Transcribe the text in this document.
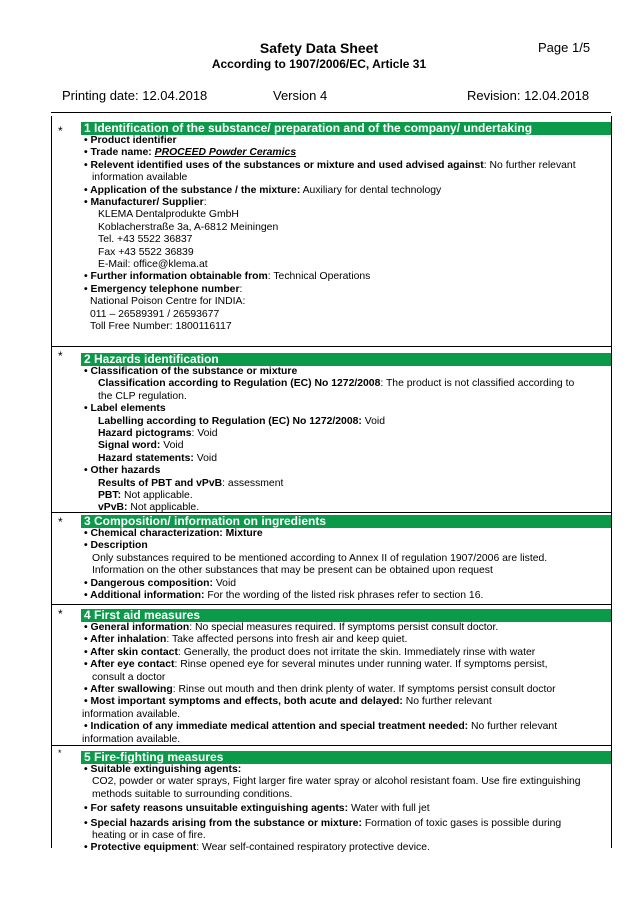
Safety Data Sheet
According to 1907/2006/EC, Article 31
Page 1/5
Printing date: 12.04.2018	Version 4	Revision: 12.04.2018
* 1 Identification of the substance/ preparation and of the company/ undertaking
• Product identifier
• Trade name: PROCEED Powder Ceramics
• Relevent identified uses of the substances or mixture and used advised against: No further relevant
information available
• Application of the substance / the mixture: Auxiliary for dental technology
• Manufacturer/ Supplier:
KLEMA Dentalprodukte GmbH
Koblacherstraße 3a, A-6812 Meiningen
Tel. +43 5522 36837
Fax +43 5522 36839
E-Mail: office@klema.at
• Further information obtainable from: Technical Operations
• Emergency telephone number:
National Poison Centre for INDIA:
011 – 26589391 / 26593677
Toll Free Number: 1800116117
* 2 Hazards identification
• Classification of the substance or mixture
Classification according to Regulation (EC) No 1272/2008: The product is not classified according to
the CLP regulation.
• Label elements
Labelling according to Regulation (EC) No 1272/2008: Void
Hazard pictograms: Void
Signal word: Void
Hazard statements: Void
• Other hazards
Results of PBT and vPvB: assessment
PBT: Not applicable.
vPvB: Not applicable.
* 3 Composition/ information on ingredients
• Chemical characterization: Mixture
• Description
Only substances required to be mentioned according to Annex II of regulation 1907/2006 are listed.
Information on the other substances that may be present can be obtained upon request
• Dangerous composition: Void
• Additional information: For the wording of the listed risk phrases refer to section 16.
* 4 First aid measures
• General information: No special measures required. If symptoms persist consult doctor.
• After inhalation: Take affected persons into fresh air and keep quiet.
• After skin contact: Generally, the product does not irritate the skin. Immediately rinse with water
• After eye contact: Rinse opened eye for several minutes under running water. If symptoms persist,
consult a doctor
• After swallowing: Rinse out mouth and then drink plenty of water. If symptoms persist consult doctor
• Most important symptoms and effects, both acute and delayed: No further relevant
information available.
• Indication of any immediate medical attention and special treatment needed: No further relevant
information available.
* 5 Fire-fighting measures
• Suitable extinguishing agents:
CO2, powder or water sprays, Fight larger fire water spray or alcohol resistant foam. Use fire extinguishing
methods suitable to surrounding conditions.
• For safety reasons unsuitable extinguishing agents: Water with full jet
• Special hazards arising from the substance or mixture: Formation of toxic gases is possible during
heating or in case of fire.
• Protective equipment: Wear self-contained respiratory protective device.
